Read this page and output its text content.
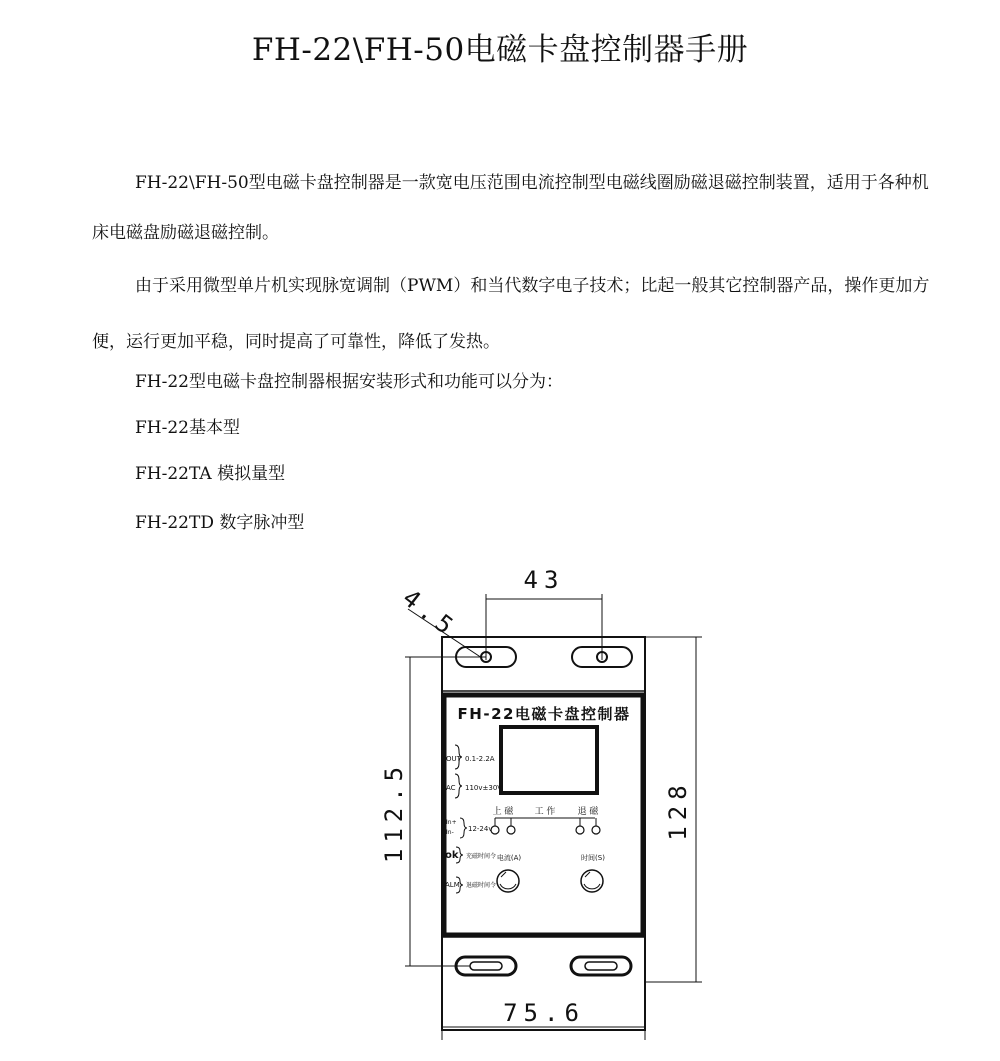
FH-22\FH-50电磁卡盘控制器手册

FH-22\FH-50型电磁卡盘控制器是一款宽电压范围电流控制型电磁线圈励磁退磁控制装置，适用于各种机床电磁盘励磁退磁控制。

由于采用微型单片机实现脉宽调制（PWM）和当代数字电子技术；比起一般其它控制器产品，操作更加方便，运行更加平稳，同时提高了可靠性，降低了发热。

FH-22型电磁卡盘控制器根据安装形式和功能可以分为：

FH-22基本型

FH-22TA 模拟量型

FH-22TD 数字脉冲型

43
4.5
112.5	128
75.6
FH-22电磁卡盘控制器
OUT 0.1-2.2A
AC 110v±30V
In+
In- 12-24v
ok 充磁时间令
ALM 退磁时间令
上 磁 工 作 退 磁
电流(A)	时间(S)
